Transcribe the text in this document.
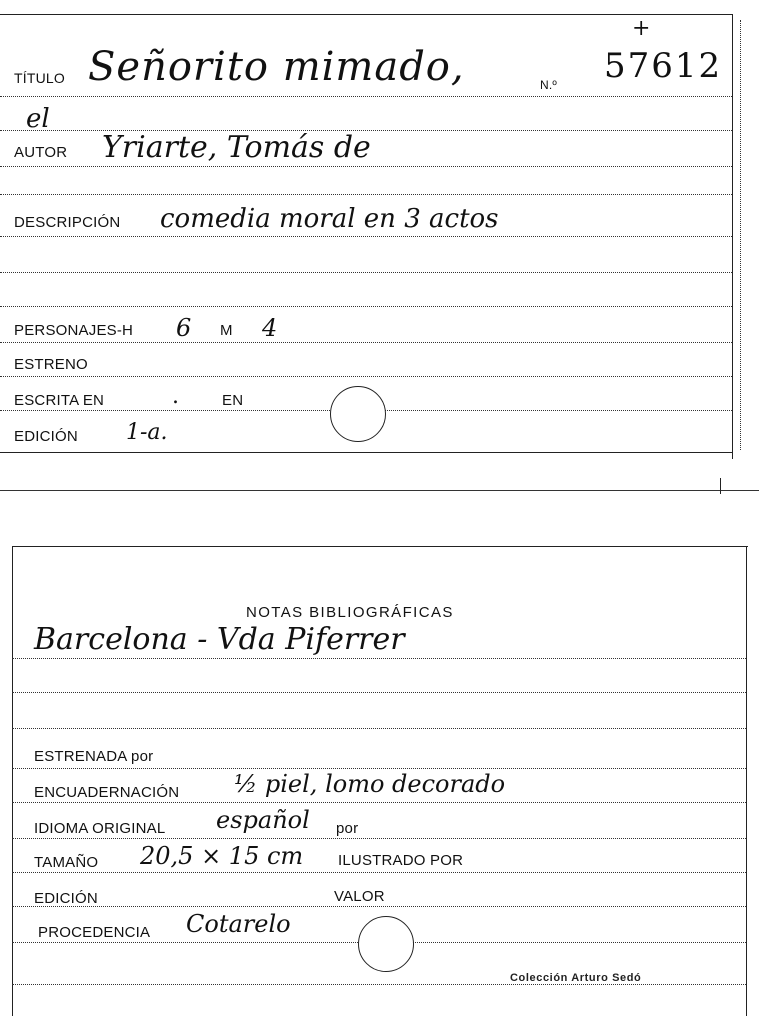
TÍTULO Señorito mimado,	N.º 57612
+
el
AUTOR Yriarte, Tomás de
DESCRIPCIÓN comedia moral en 3 actos
PERSONAJES-H 6 M 4
ESTRENO
ESCRITA EN	.	EN
EDICIÓN 1-a.
NOTAS BIBLIOGRÁFICAS
Barcelona - Vda Piferrer
ESTRENADA por
ENCUADERNACIÓN ½ piel, lomo decorado
IDIOMA ORIGINAL español por
TAMAÑO 20,5 × 15 cm ILUSTRADO POR
EDICIÓN	VALOR
PROCEDENCIA Cotarelo
Colección Arturo Sedó
